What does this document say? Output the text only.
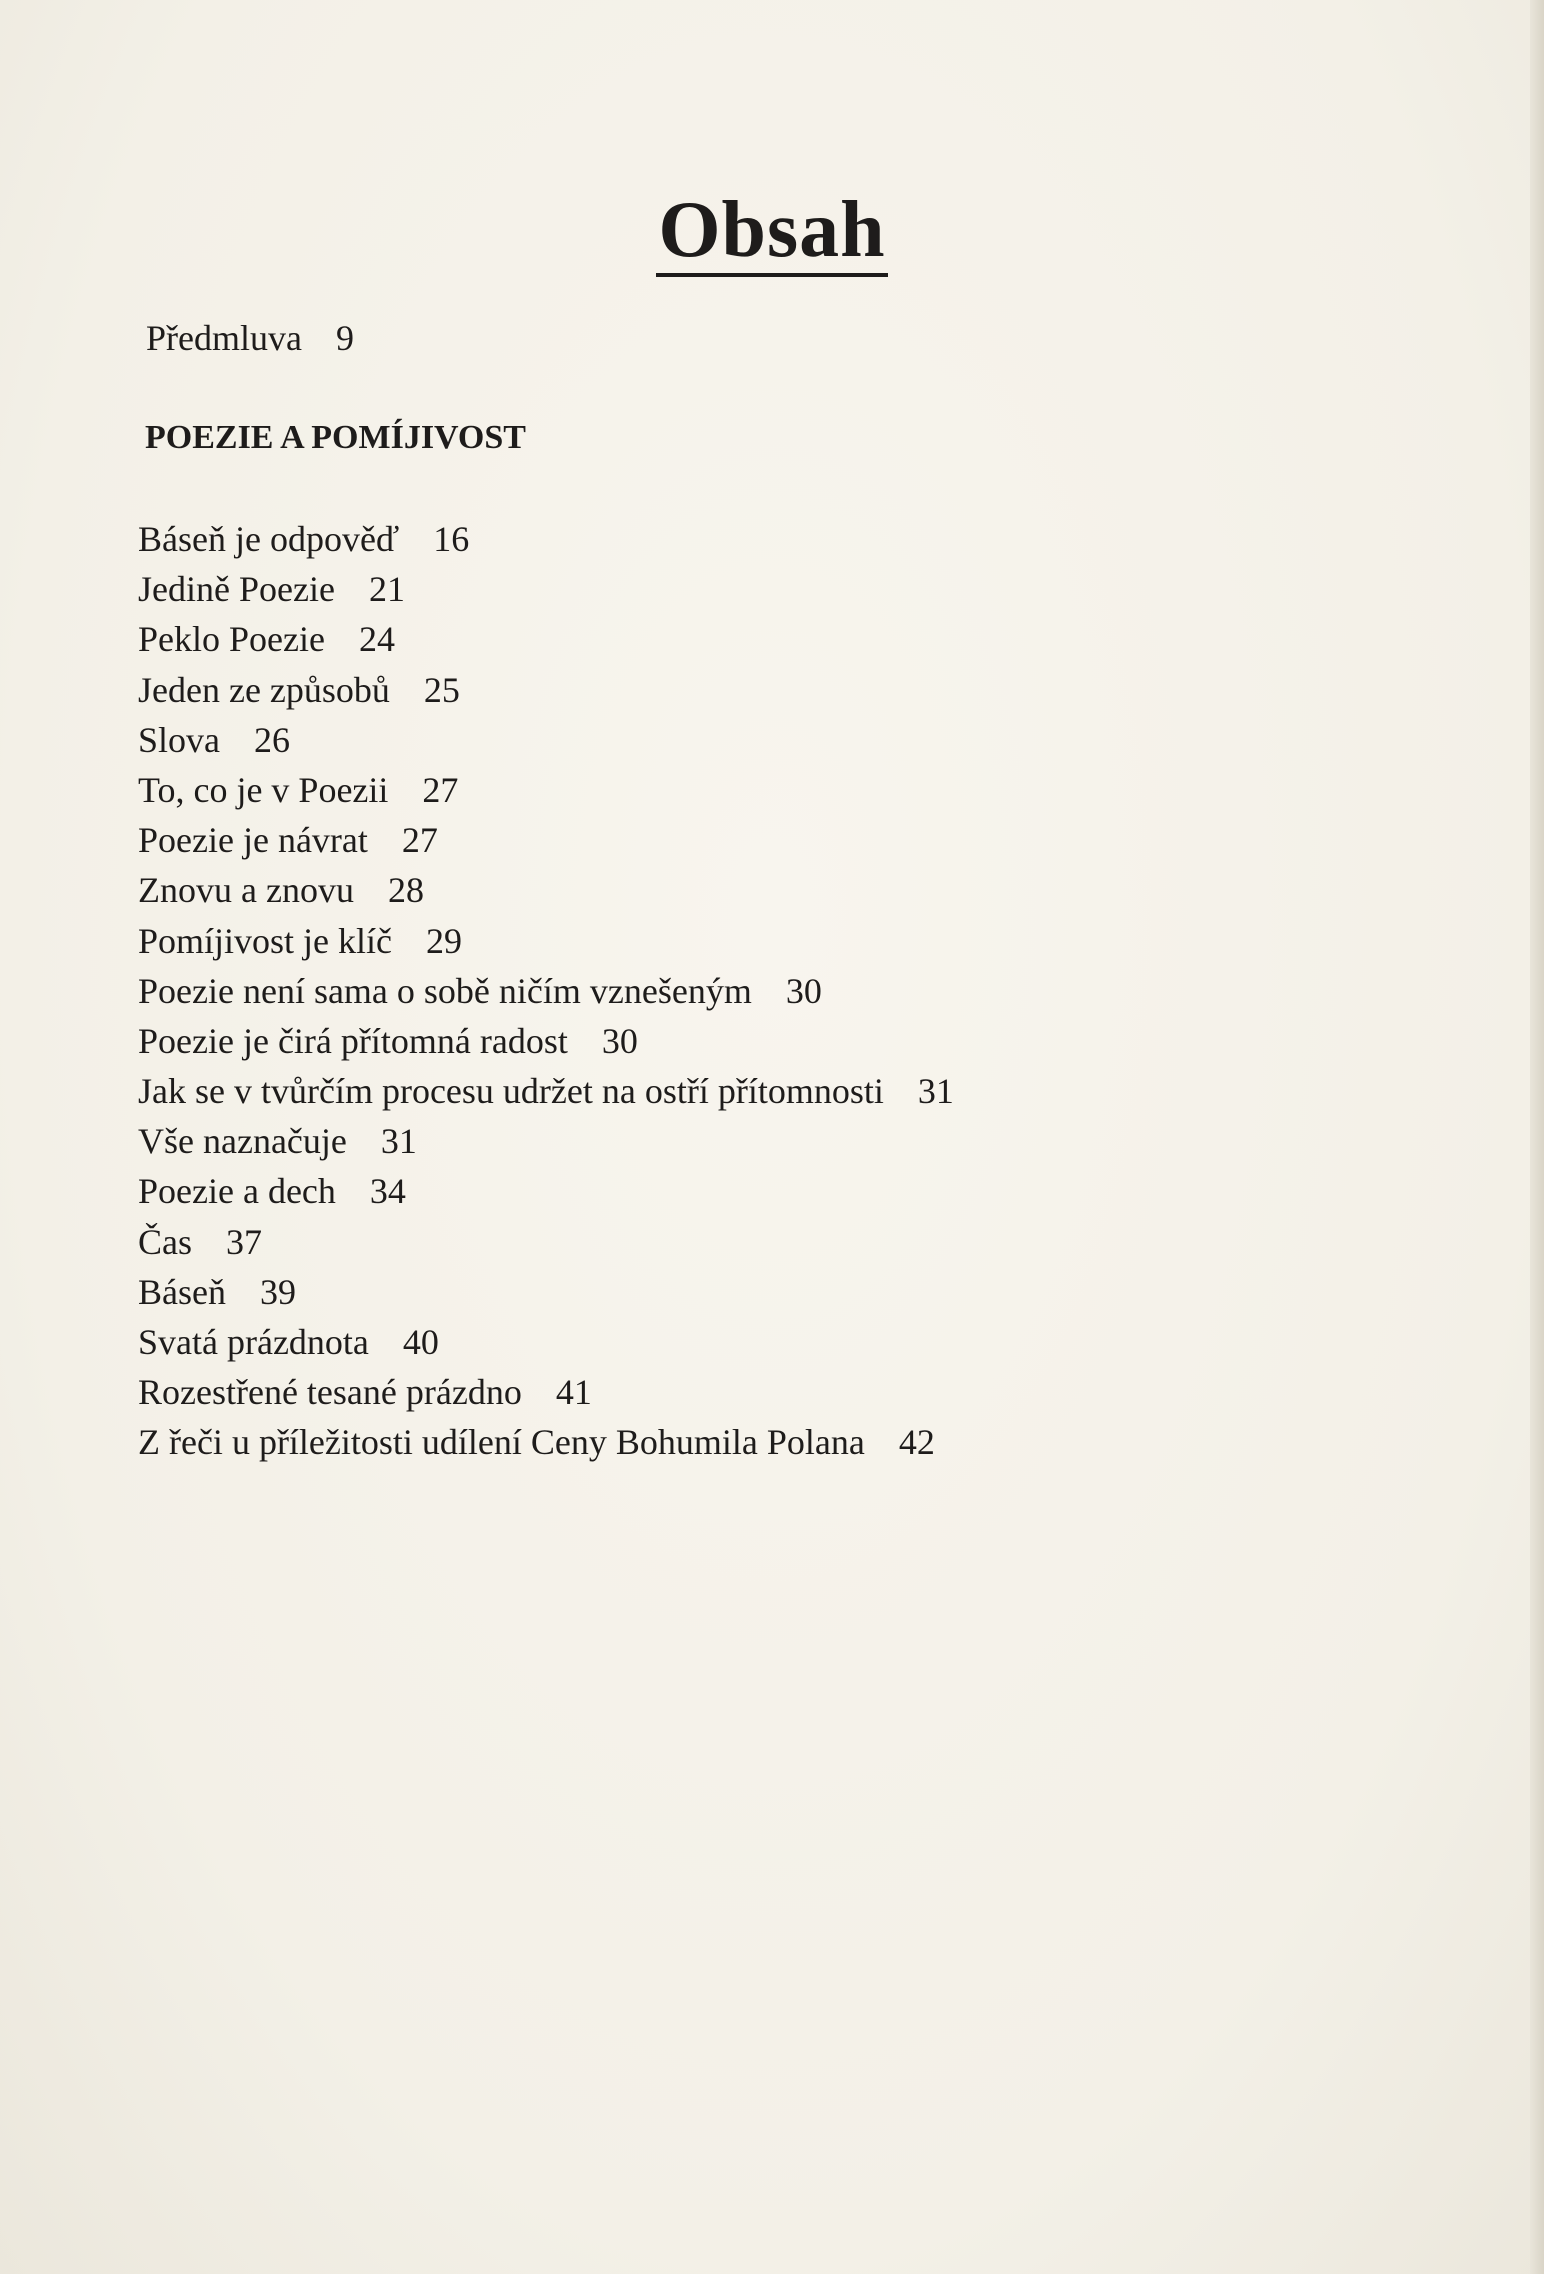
Obsah
Předmluva 9
POEZIE A POMÍJIVOST
Báseň je odpověď 16
Jedině Poezie 21
Peklo Poezie 24
Jeden ze způsobů 25
Slova 26
To, co je v Poezii 27
Poezie je návrat 27
Znovu a znovu 28
Pomíjivost je klíč 29
Poezie není sama o sobě ničím vznešeným 30
Poezie je čirá přítomná radost 30
Jak se v tvůrčím procesu udržet na ostří přítomnosti 31
Vše naznačuje 31
Poezie a dech 34
Čas 37
Báseň 39
Svatá prázdnota 40
Rozestřené tesané prázdno 41
Z řeči u příležitosti udílení Ceny Bohumila Polana 42
